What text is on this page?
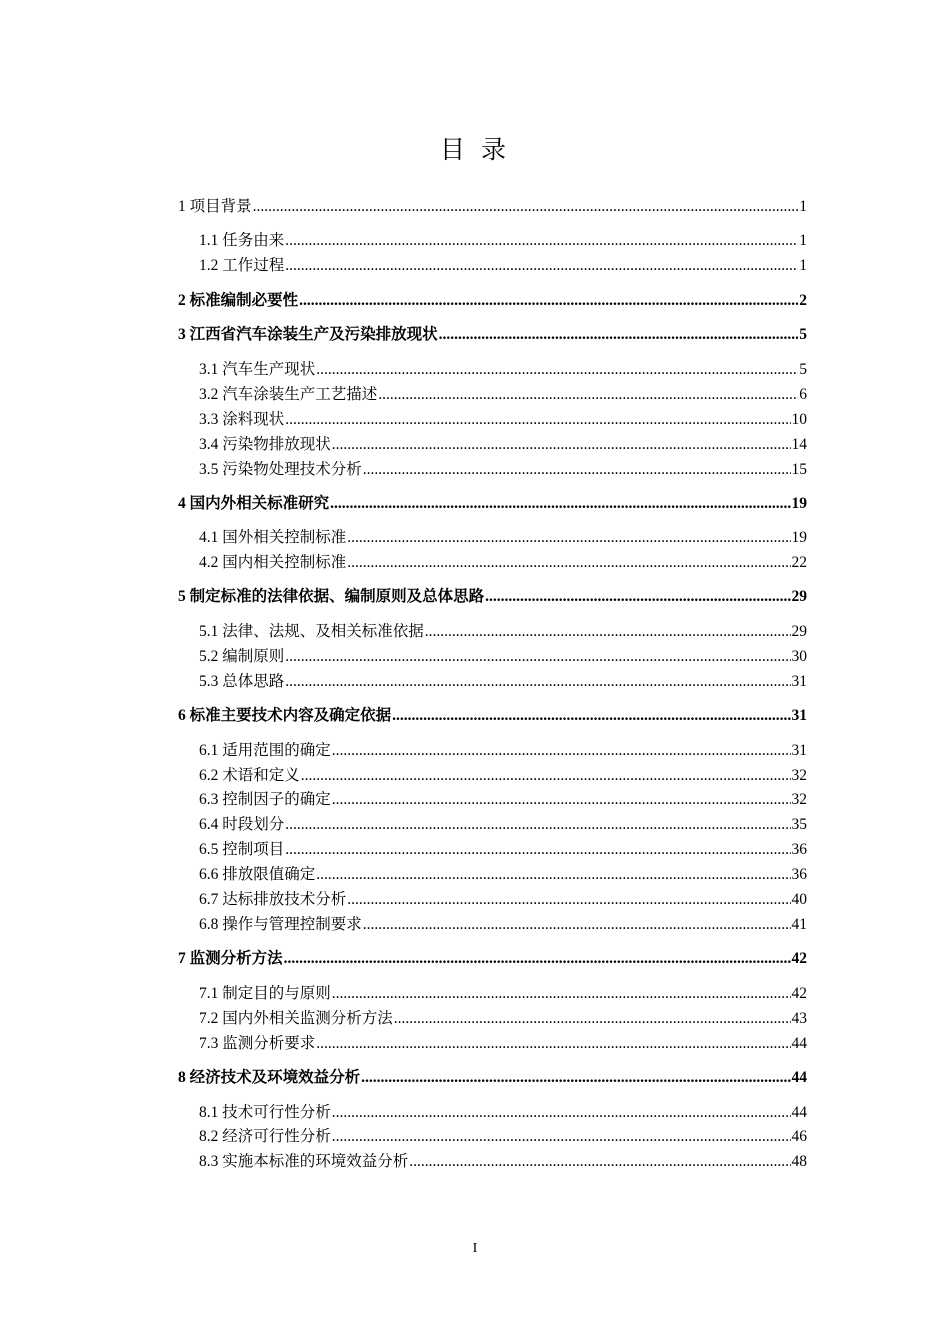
目 录
1 项目背景 .....	1
1.1 任务由来 .....	1
1.2 工作过程 .....	1
2 标准编制必要性 .....	2
3 江西省汽车涂装生产及污染排放现状 .....	5
3.1 汽车生产现状 .....	5
3.2 汽车涂装生产工艺描述 .....	6
3.3 涂料现状 .....	10
3.4 污染物排放现状 .....	14
3.5 污染物处理技术分析 .....	15
4 国内外相关标准研究 .....	19
4.1 国外相关控制标准 .....	19
4.2 国内相关控制标准 .....	22
5 制定标准的法律依据、编制原则及总体思路 .....	29
5.1 法律、法规、及相关标准依据 .....	29
5.2 编制原则 .....	30
5.3 总体思路 .....	31
6 标准主要技术内容及确定依据 .....	31
6.1 适用范围的确定 .....	31
6.2 术语和定义 .....	32
6.3 控制因子的确定 .....	32
6.4 时段划分 .....	35
6.5 控制项目 .....	36
6.6 排放限值确定 .....	36
6.7 达标排放技术分析 .....	40
6.8 操作与管理控制要求 .....	41
7 监测分析方法 .....	42
7.1 制定目的与原则 .....	42
7.2 国内外相关监测分析方法 .....	43
7.3 监测分析要求 .....	44
8 经济技术及环境效益分析 .....	44
8.1 技术可行性分析 .....	44
8.2 经济可行性分析 .....	46
8.3 实施本标准的环境效益分析 .....	48
I
